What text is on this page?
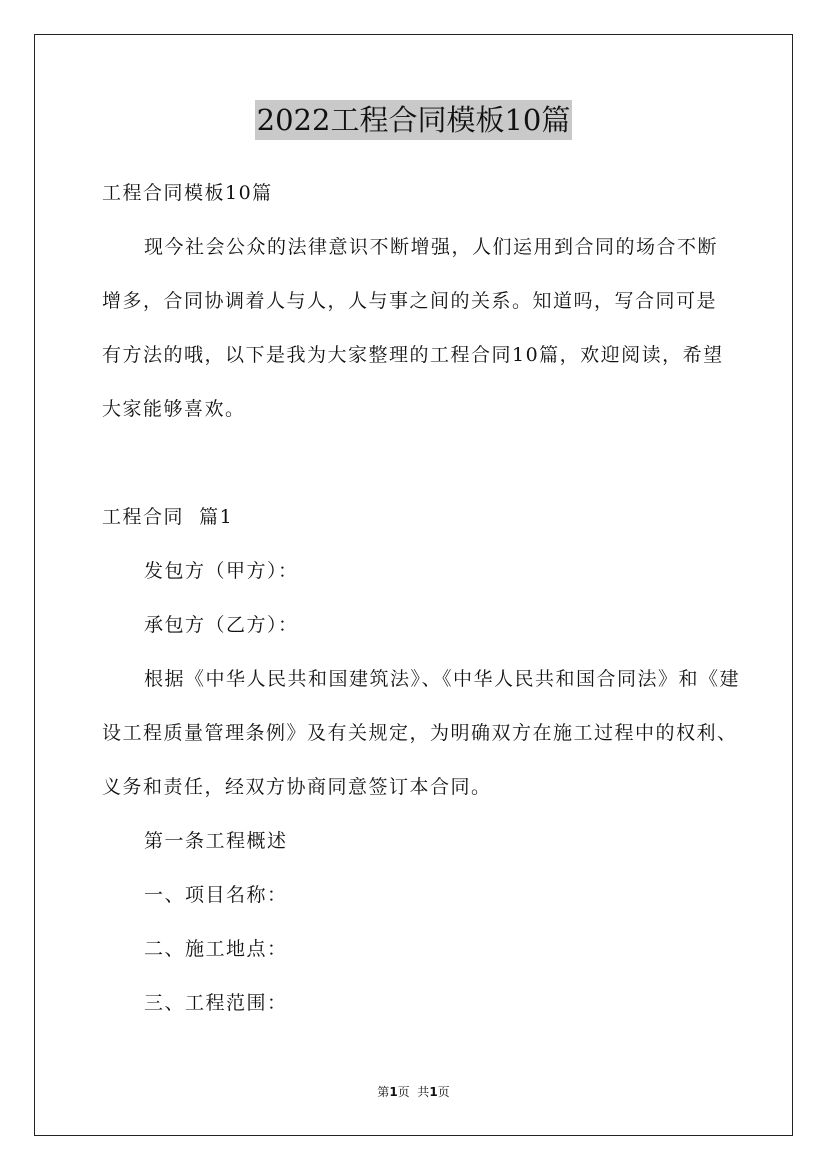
2022工程合同模板10篇
工程合同模板10篇
现今社会公众的法律意识不断增强，人们运用到合同的场合不断
增多，合同协调着人与人，人与事之间的关系。知道吗，写合同可是
有方法的哦，以下是我为大家整理的工程合同10篇，欢迎阅读，希望
大家能够喜欢。
工程合同  篇1
发包方（甲方）：
承包方（乙方）：
根据《中华人民共和国建筑法》、《中华人民共和国合同法》和《建
设工程质量管理条例》及有关规定，为明确双方在施工过程中的权利、
义务和责任，经双方协商同意签订本合同。
第一条工程概述
一、项目名称：
二、施工地点：
三、工程范围：
第1页  共1页
